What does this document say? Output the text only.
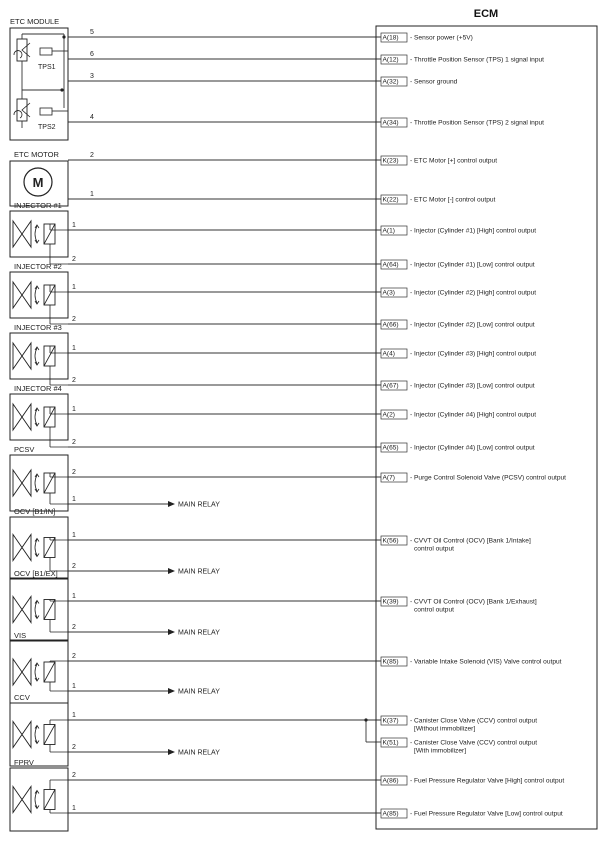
ETC MODULE
TPS1
TPS2
ETC MOTOR
M
5
6
3
4
2
1
INJECTOR #1
1
2
INJECTOR #2
1
2
INJECTOR #3
1
2
INJECTOR #4
1
2
PCSV
2
1
MAIN RELAY
OCV [B1/IN]
1
2
MAIN RELAY
OCV [B1/EX]
1
2
MAIN RELAY
VIS
2
1
MAIN RELAY
CCV
1
2
MAIN RELAY
FPRV
2
1
ECM
A(18) - Sensor power (+5V)
A(12) - Throttle Position Sensor (TPS) 1 signal input
A(32) - Sensor ground
A(34) - Throttle Position Sensor (TPS) 2 signal input
K(23) - ETC Motor [+] control output
K(22) - ETC Motor [-] control output
A(1) - Injector (Cylinder #1) [High] control output
A(64) - Injector (Cylinder #1) [Low] control output
A(3) - Injector (Cylinder #2) [High] control output
A(66) - Injector (Cylinder #2) [Low] control output
A(4) - Injector (Cylinder #3) [High] control output
A(67) - Injector (Cylinder #3) [Low] control output
A(2) - Injector (Cylinder #4) [High] control output
A(65) - Injector (Cylinder #4) [Low] control output
A(7) - Purge Control Solenoid Valve (PCSV) control output
K(56) - CVVT Oil Control (OCV) [Bank 1/Intake]
control output
K(39) - CVVT Oil Control (OCV) [Bank 1/Exhaust]
control output
K(85) - Variable Intake Solenoid (VIS) Valve control output
K(37) - Canister Close Valve (CCV) control output
[Without immobilizer]
K(51) - Canister Close Valve (CCV) control output
[With immobilizer]
A(86) - Fuel Pressure Regulator Valve [High] control output
A(85) - Fuel Pressure Regulator Valve [Low] control output
